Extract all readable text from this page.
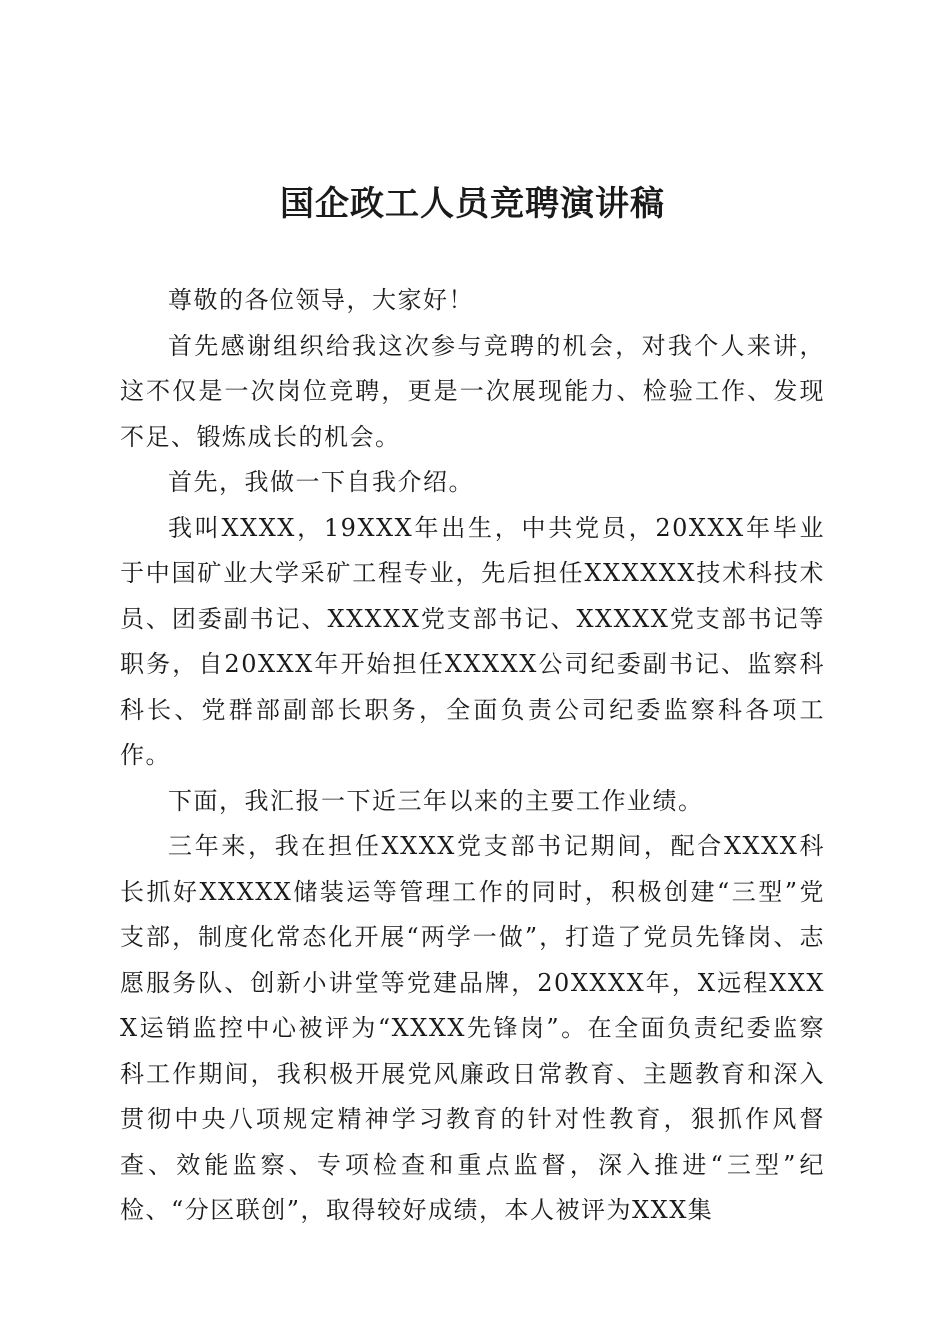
国企政工人员竞聘演讲稿

尊敬的各位领导，大家好！

首先感谢组织给我这次参与竞聘的机会，对我个人来讲，这不仅是一次岗位竞聘，更是一次展现能力、检验工作、发现不足、锻炼成长的机会。

首先，我做一下自我介绍。

我叫XXXX，19XXX年出生，中共党员，20XXX年毕业于中国矿业大学采矿工程专业，先后担任XXXXXX技术科技术员、团委副书记、XXXXX党支部书记、XXXXX党支部书记等职务，自20XXX年开始担任XXXXX公司纪委副书记、监察科科长、党群部副部长职务，全面负责公司纪委监察科各项工作。

下面，我汇报一下近三年以来的主要工作业绩。

三年来，我在担任XXXX党支部书记期间，配合XXXX科长抓好XXXXX储装运等管理工作的同时，积极创建“三型”党支部，制度化常态化开展“两学一做”，打造了党员先锋岗、志愿服务队、创新小讲堂等党建品牌，20XXXX年，X远程XXXX运销监控中心被评为“XXXX先锋岗”。在全面负责纪委监察科工作期间，我积极开展党风廉政日常教育、主题教育和深入贯彻中央八项规定精神学习教育的针对性教育，狠抓作风督查、效能监察、专项检查和重点监督，深入推进“三型”纪检、“分区联创”，取得较好成绩，本人被评为XXX集
